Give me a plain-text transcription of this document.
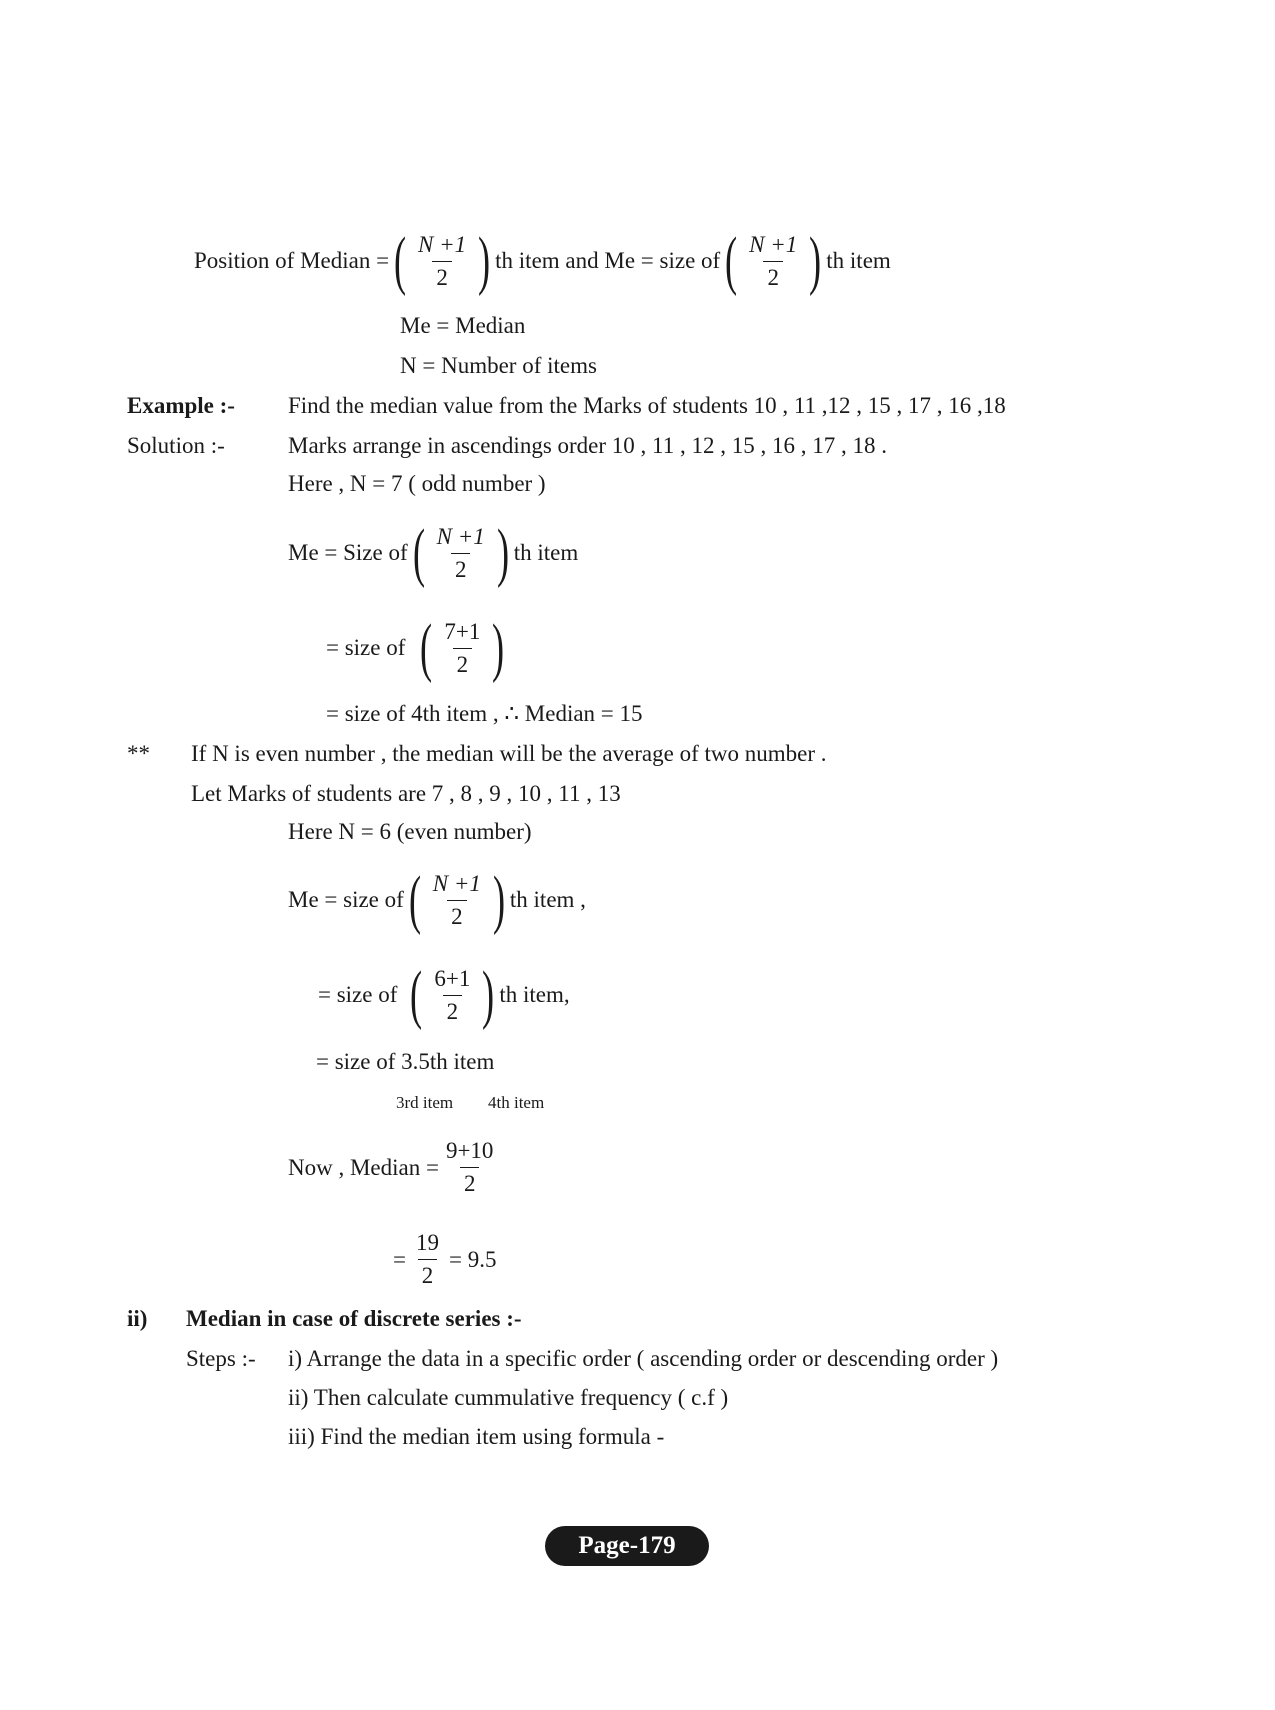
Position of Median = ( $\frac{N +1}{2}$ ) th item and Me = size of ( $\frac{N +1}{2}$ ) th item
Me = Median
N = Number of items
Example :- Find the median value from the Marks of students 10 , 11 ,12 , 15 , 17 , 16 ,18
Solution :-	Marks arrange in ascendings order 10 , 11 , 12 , 15 , 16 , 17 , 18 .
Here , N = 7 ( odd number )
Me = Size of ( $\frac{N +1}{2}$ ) th item
= size of ( $\frac{7+1}{2}$ )
= size of 4th item , ∴ Median = 15
** If N is even number , the median will be the average of two number .
Let Marks of students are 7 , 8 , 9 , 10 , 11 , 13
Here N = 6 (even number)
Me = size of ( $\frac{N +1}{2}$ ) th item ,
= size of ( $\frac{6+1}{2}$ ) th item,
= size of 3.5th item
3rd item 4th item
Now , Median = $\frac{9+10}{2}$
= $\frac{19}{2} = 9.5$
ii) Median in case of discrete series :-
Steps :- i) Arrange the data in a specific order ( ascending order or descending order )
ii) Then calculate cummulative frequency ( c.f )
iii) Find the median item using formula -
Page-179
